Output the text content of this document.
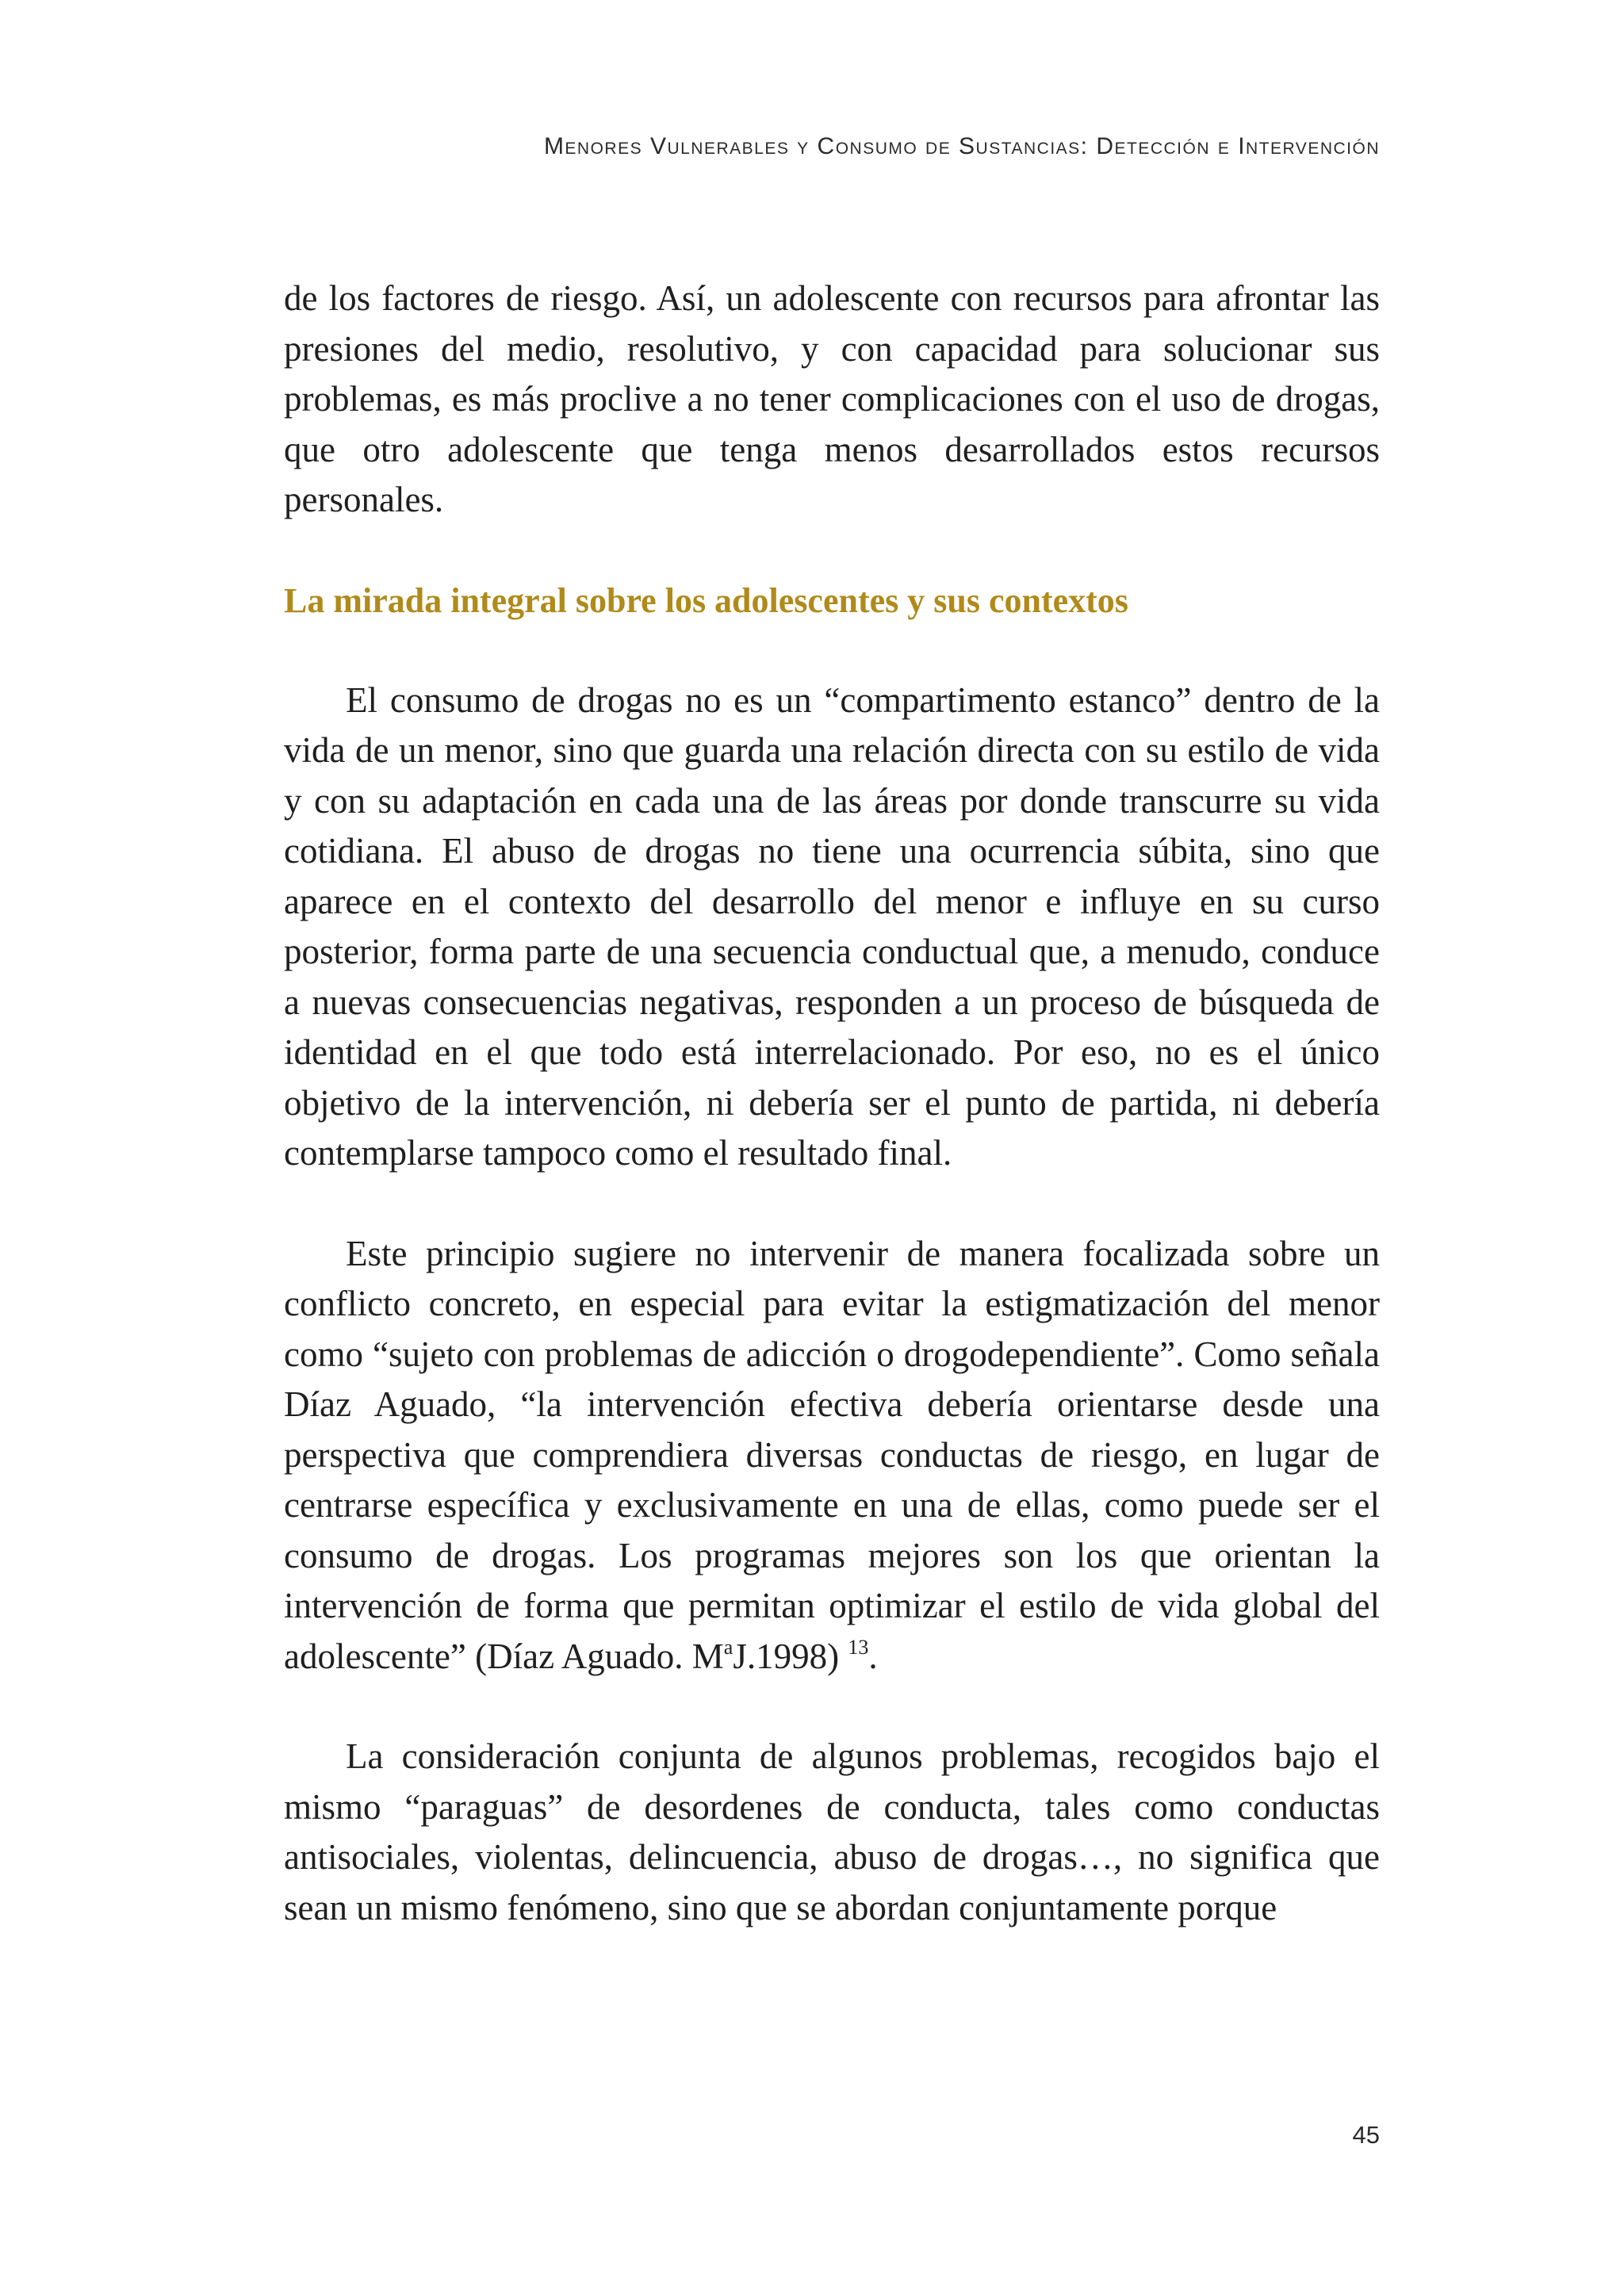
Menores Vulnerables y Consumo de Sustancias: Detección e Intervención

de los factores de riesgo. Así, un adolescente con recursos para afrontar las presiones del medio, resolutivo, y con capacidad para solucionar sus problemas, es más proclive a no tener complicaciones con el uso de drogas, que otro adolescente que tenga menos desarrollados estos recursos personales.

La mirada integral sobre los adolescentes y sus contextos

El consumo de drogas no es un “compartimento estanco” dentro de la vida de un menor, sino que guarda una relación directa con su estilo de vida y con su adaptación en cada una de las áreas por donde transcurre su vida cotidiana. El abuso de drogas no tiene una ocurrencia súbita, sino que aparece en el contexto del desarrollo del menor e influye en su curso posterior, forma parte de una secuencia conductual que, a menudo, conduce a nuevas consecuencias negativas, responden a un proceso de búsqueda de identidad en el que todo está interrelacionado. Por eso, no es el único objetivo de la intervención, ni debería ser el punto de partida, ni debería contemplarse tampoco como el resultado final.

Este principio sugiere no intervenir de manera focalizada sobre un conflicto concreto, en especial para evitar la estigmatización del menor como “sujeto con problemas de adicción o drogodependiente”. Como señala Díaz Aguado, “la intervención efectiva debería orientarse desde una perspectiva que comprendiera diversas conductas de riesgo, en lugar de centrarse específica y exclusivamente en una de ellas, como puede ser el consumo de drogas. Los programas mejores son los que orientan la intervención de forma que permitan optimizar el estilo de vida global del adolescente” (Díaz Aguado. $M^aJ.1998$) $^{13}$.

La consideración conjunta de algunos problemas, recogidos bajo el mismo “paraguas” de desordenes de conducta, tales como conductas antisociales, violentas, delincuencia, abuso de drogas…, no significa que sean un mismo fenómeno, sino que se abordan conjuntamente porque

45
